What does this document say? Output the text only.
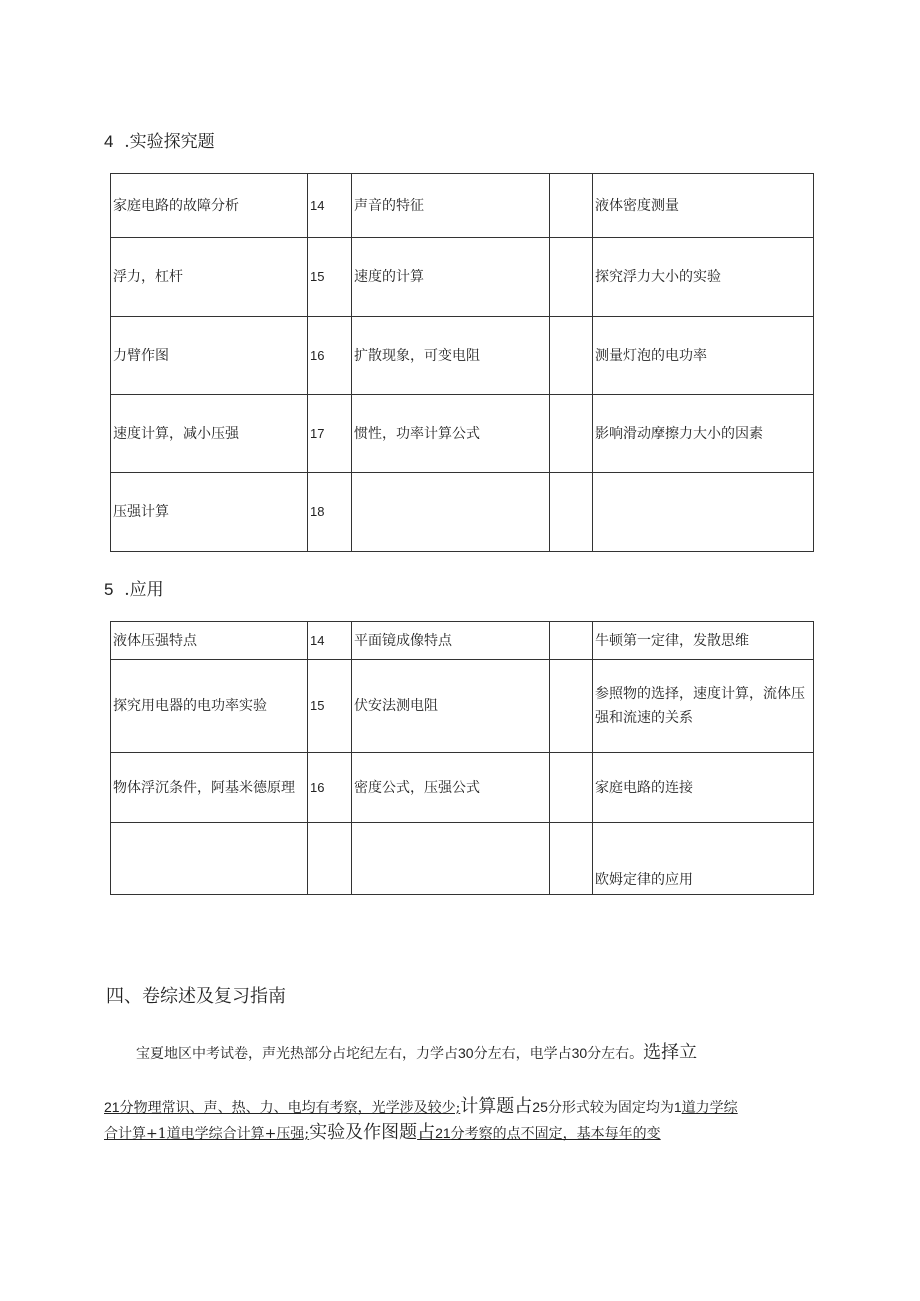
4 .实验探究题
家庭电路的故障分析	14	声音的特征		液体密度测量
浮力，杠杆	15	速度的计算		探究浮力大小的实验
力臂作图	16	扩散现象，可变电阻		测量灯泡的电功率
速度计算，减小压强	17	惯性，功率计算公式		影响滑动摩擦力大小的因素
压强计算	18			
5 .应用
液体压强特点	14	平面镜成像特点		牛顿第一定律，发散思维
探究用电器的电功率实验	15	伏安法测电阻		参照物的选择，速度计算，流体压强和流速的关系
物体浮沉条件，阿基米德原理	16	密度公式，压强公式		家庭电路的连接
				欧姆定律的应用
四、卷综述及复习指南
宝夏地区中考试卷，声光热部分占坨纪左右，力学占30分左右，电学占30分左右。选择立
21分物理常识、声、热、力、电均有考察，光学涉及较少;计算题占25分形式较为固定均为1道力学综
合计算+1道电学综合计算+压强;实验及作图题占21分考察的点不固定，基本每年的变
